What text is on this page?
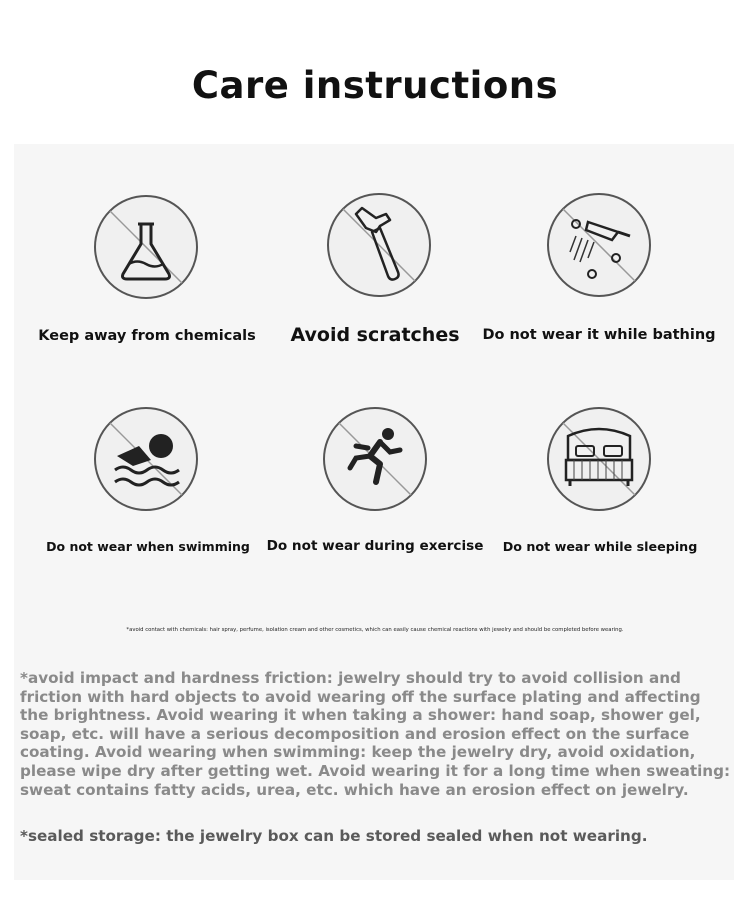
Care instructions
Keep away from chemicals	Avoid scratches	Do not wear it while bathing
Do not wear when swimming	Do not wear during exercise	Do not wear while sleeping
*avoid contact with chemicals: hair spray, perfume, isolation cream and other cosmetics, which can easily cause chemical reactions with jewelry and should be completed before wearing.
*avoid impact and hardness friction: jewelry should try to avoid collision and friction with hard objects to avoid wearing off the surface plating and affecting the brightness. Avoid wearing it when taking a shower: hand soap, shower gel, soap, etc. will have a serious decomposition and erosion effect on the surface coating. Avoid wearing when swimming: keep the jewelry dry, avoid oxidation, please wipe dry after getting wet. Avoid wearing it for a long time when sweating: sweat contains fatty acids, urea, etc. which have an erosion effect on jewelry.
*sealed storage: the jewelry box can be stored sealed when not wearing.
